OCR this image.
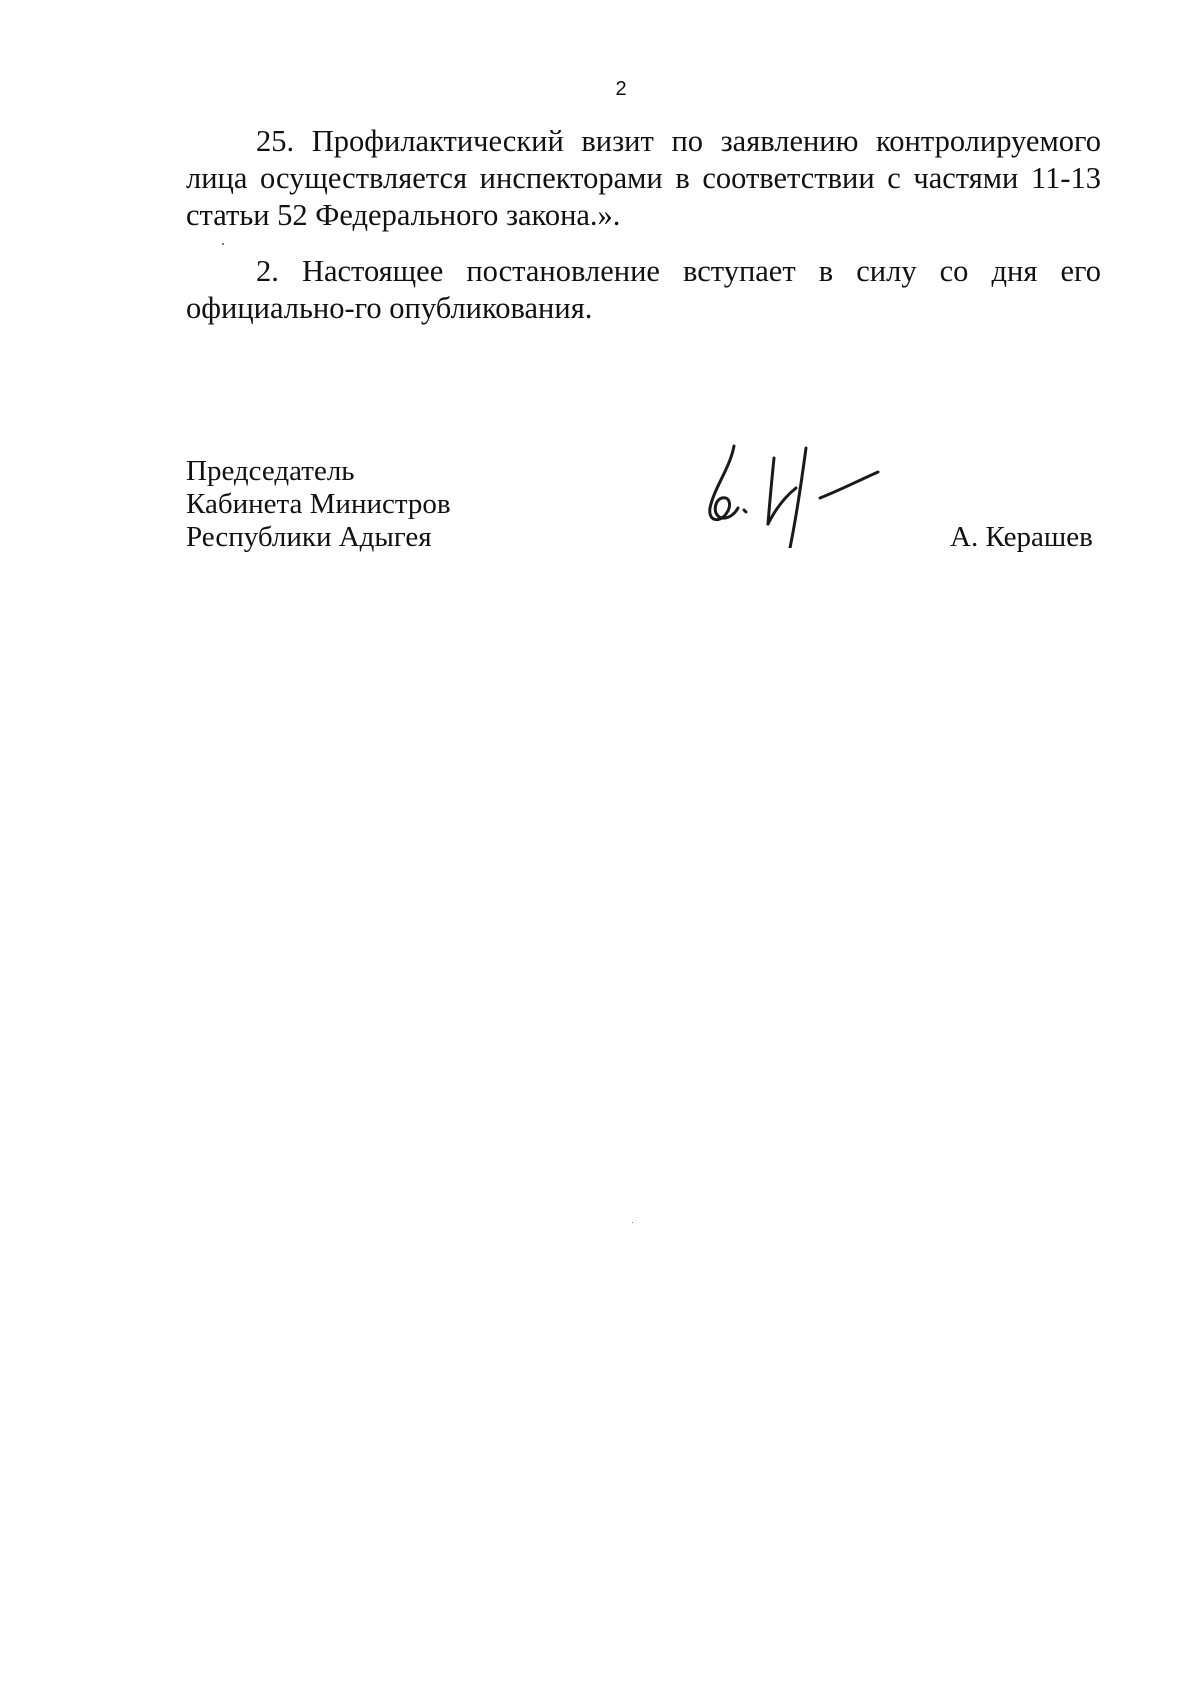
2

25. Профилактический визит по заявлению контролируемого лица осуществляется инспекторами в соответствии с частями 11-13 статьи 52 Федерального закона.».

2. Настоящее постановление вступает в силу со дня его официально-го опубликования.

Председатель
Кабинета Министров
Республики Адыгея	А. Керашев
